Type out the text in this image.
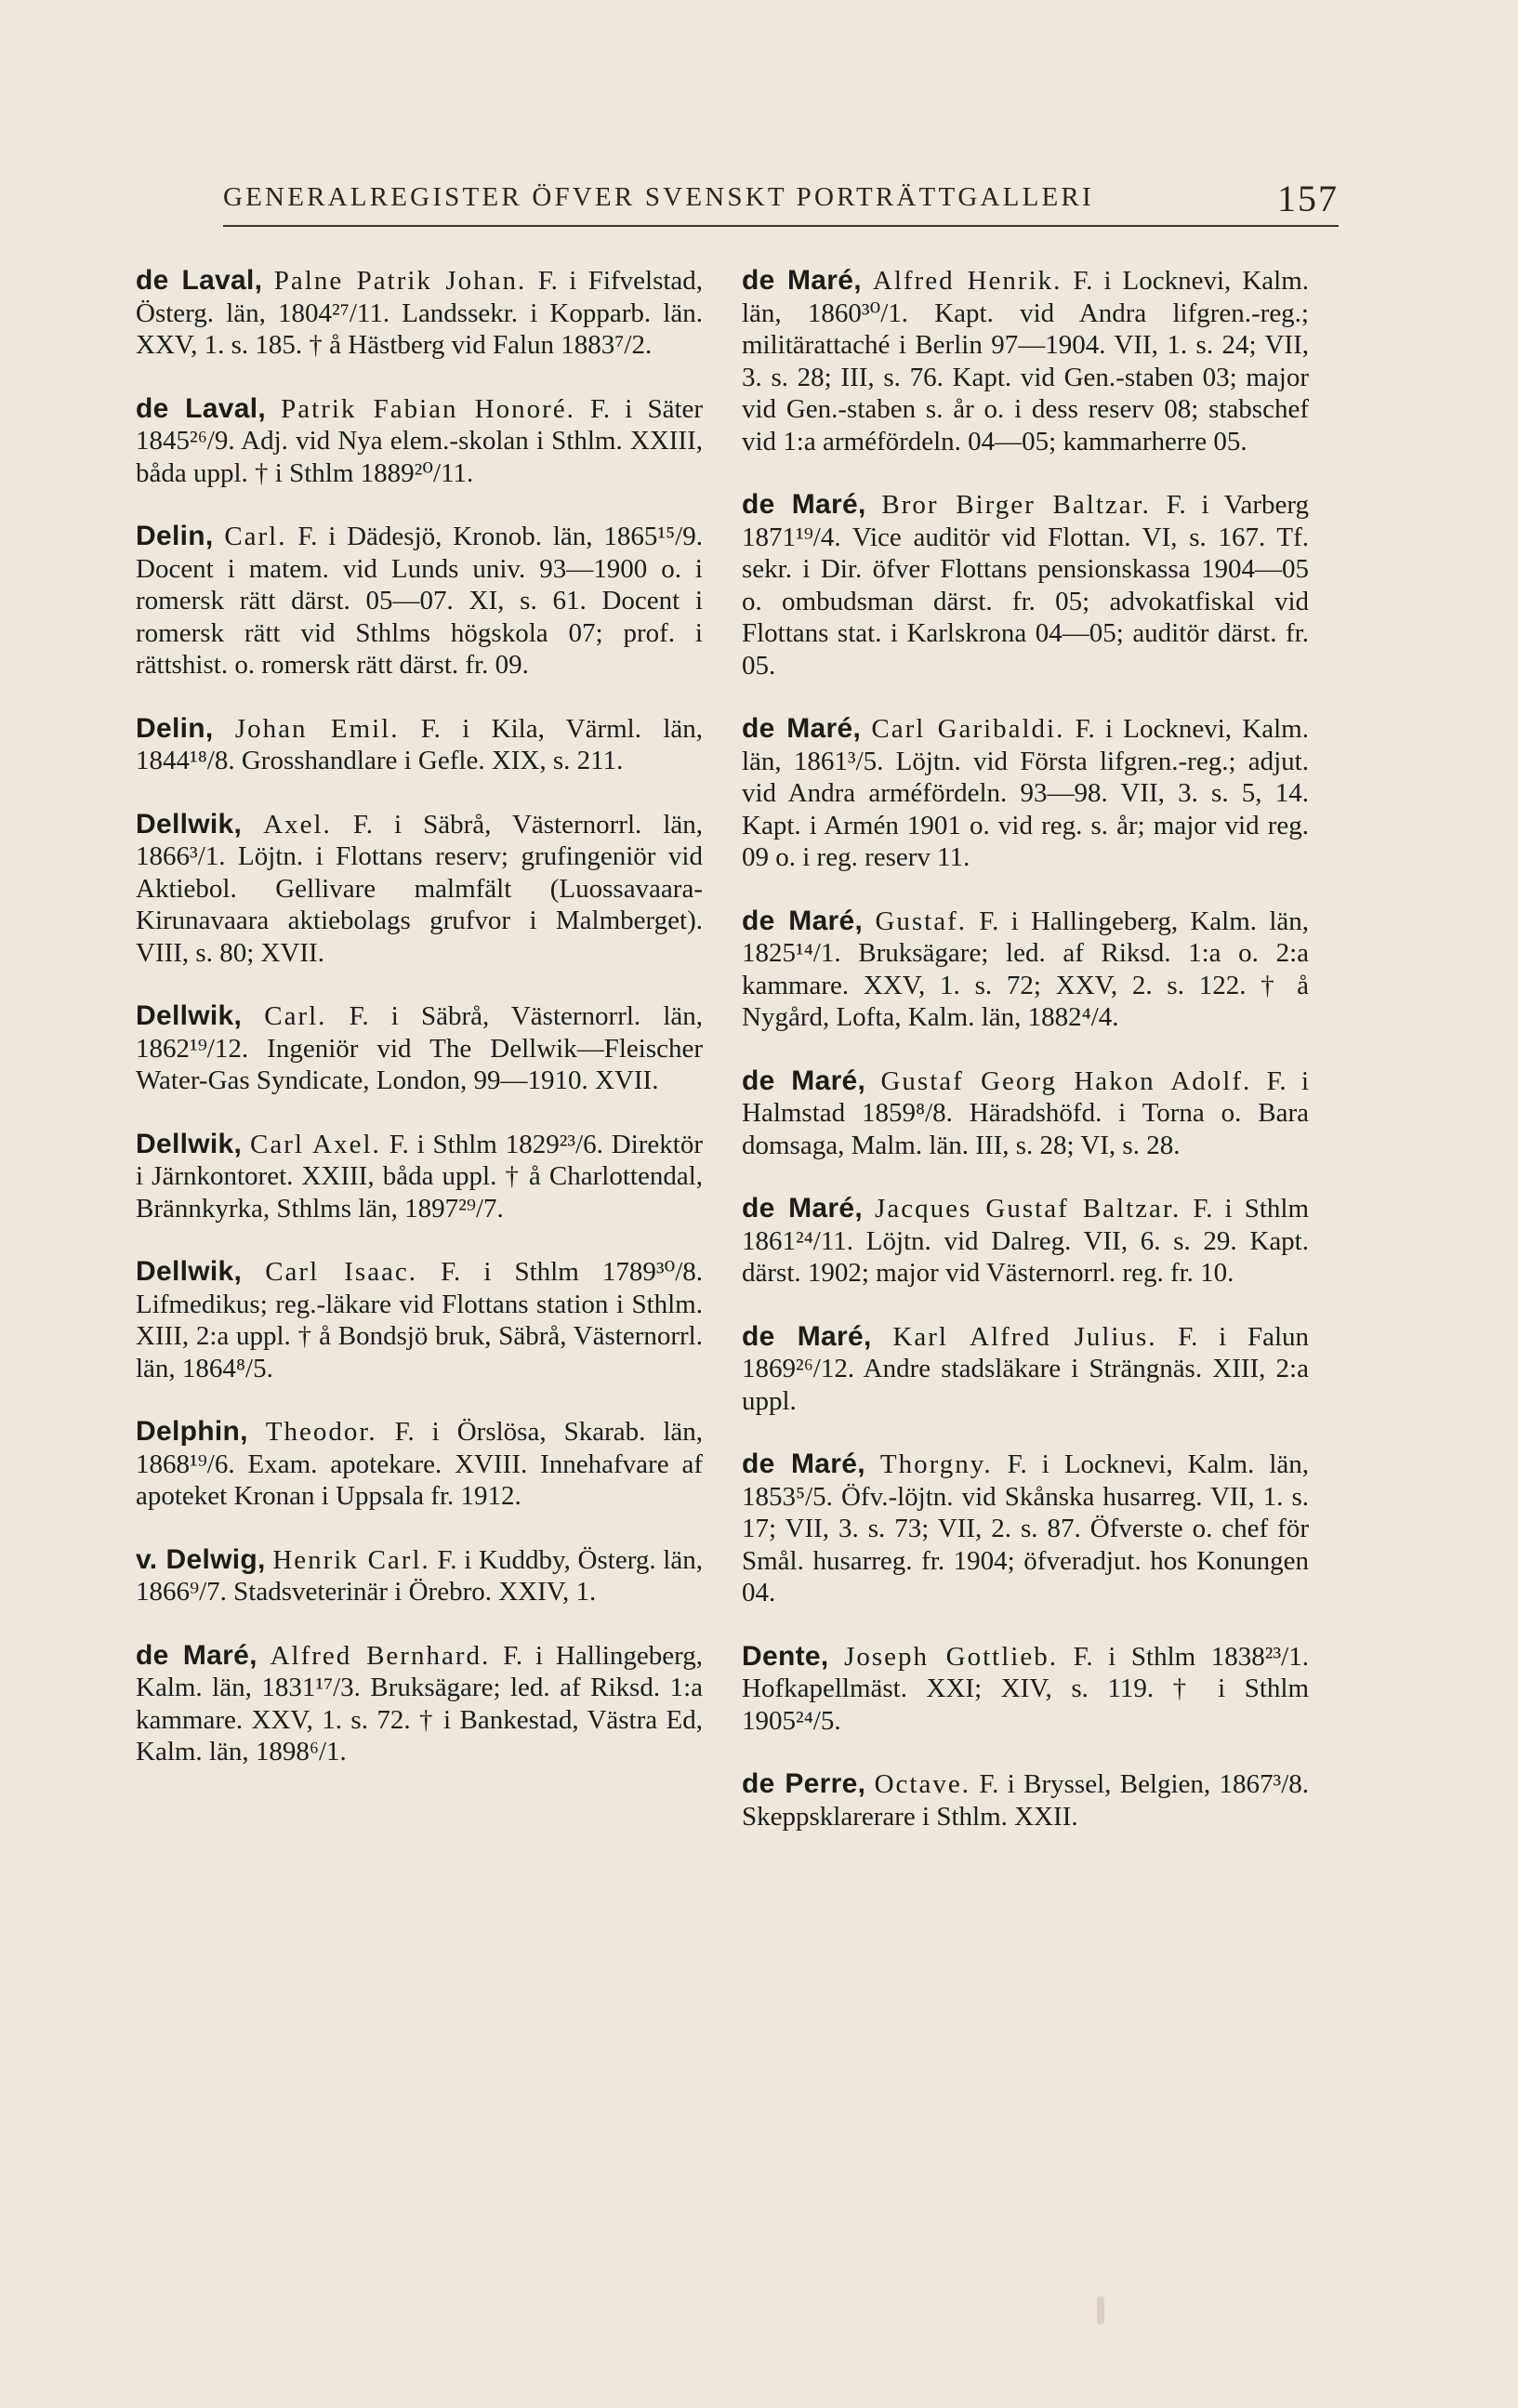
GENERALREGISTER ÖFVER SVENSKT PORTRÄTTGALLERI	157

de Laval, Palne Patrik Johan. F. i Fifvelstad, Österg. län, 1804²⁷/11. Landssekr. i Kopparb. län. XXV, 1. s. 185. † å Hästberg vid Falun 1883⁷/2.

de Laval, Patrik Fabian Honoré. F. i Säter 1845²⁶/9. Adj. vid Nya elem.-skolan i Sthlm. XXIII, båda uppl. † i Sthlm 1889²⁰/11.

Delin, Carl. F. i Dädesjö, Kronob. län, 1865¹⁵/9. Docent i matem. vid Lunds univ. 93—1900 o. i romersk rätt därst. 05—07. XI, s. 61. Docent i romersk rätt vid Sthlms högskola 07; prof. i rättshist. o. romersk rätt därst. fr. 09.

Delin, Johan Emil. F. i Kila, Värml. län, 1844¹⁸/8. Grosshandlare i Gefle. XIX, s. 211.

Dellwik, Axel. F. i Säbrå, Västernorrl. län, 1866³/1. Löjtn. i Flottans reserv; grufingeniör vid Aktiebol. Gellivare malmfält (Luossavaara-Kirunavaara aktiebolags grufvor i Malmberget). VIII, s. 80; XVII.

Dellwik, Carl. F. i Säbrå, Västernorrl. län, 1862¹⁹/12. Ingeniör vid The Dellwik—Fleischer Water-Gas Syndicate, London, 99—1910. XVII.

Dellwik, Carl Axel. F. i Sthlm 1829²³/6. Direktör i Järnkontoret. XXIII, båda uppl. † å Charlottendal, Brännkyrka, Sthlms län, 1897²⁹/7.

Dellwik, Carl Isaac. F. i Sthlm 1789³⁰/8. Lifmedikus; reg.-läkare vid Flottans station i Sthlm. XIII, 2:a uppl. † å Bondsjö bruk, Säbrå, Västernorrl. län, 1864⁸/5.

Delphin, Theodor. F. i Örslösa, Skarab. län, 1868¹⁹/6. Exam. apotekare. XVIII. Innehafvare af apoteket Kronan i Uppsala fr. 1912.

v. Delwig, Henrik Carl. F. i Kuddby, Österg. län, 1866⁹/7. Stadsveterinär i Örebro. XXIV, 1.

de Maré, Alfred Bernhard. F. i Hallingeberg, Kalm. län, 1831¹⁷/3. Bruksägare; led. af Riksd. 1:a kammare. XXV, 1. s. 72. † i Bankestad, Västra Ed, Kalm. län, 1898⁶/1.

de Maré, Alfred Henrik. F. i Locknevi, Kalm. län, 1860³⁰/1. Kapt. vid Andra lifgren.-reg.; militärattaché i Berlin 97—1904. VII, 1. s. 24; VII, 3. s. 28; III, s. 76. Kapt. vid Gen.-staben 03; major vid Gen.-staben s. år o. i dess reserv 08; stabschef vid 1:a arméfördeln. 04—05; kammarherre 05.

de Maré, Bror Birger Baltzar. F. i Varberg 1871¹⁹/4. Vice auditör vid Flottan. VI, s. 167. Tf. sekr. i Dir. öfver Flottans pensionskassa 1904—05 o. ombudsman därst. fr. 05; advokatfiskal vid Flottans stat. i Karlskrona 04—05; auditör därst. fr. 05.

de Maré, Carl Garibaldi. F. i Locknevi, Kalm. län, 1861³/5. Löjtn. vid Första lifgren.-reg.; adjut. vid Andra arméfördeln. 93—98. VII, 3. s. 5, 14. Kapt. i Armén 1901 o. vid reg. s. år; major vid reg. 09 o. i reg. reserv 11.

de Maré, Gustaf. F. i Hallingeberg, Kalm. län, 1825¹⁴/1. Bruksägare; led. af Riksd. 1:a o. 2:a kammare. XXV, 1. s. 72; XXV, 2. s. 122. † å Nygård, Lofta, Kalm. län, 1882⁴/4.

de Maré, Gustaf Georg Hakon Adolf. F. i Halmstad 1859⁸/8. Häradshöfd. i Torna o. Bara domsaga, Malm. län. III, s. 28; VI, s. 28.

de Maré, Jacques Gustaf Baltzar. F. i Sthlm 1861²⁴/11. Löjtn. vid Dalreg. VII, 6. s. 29. Kapt. därst. 1902; major vid Västernorrl. reg. fr. 10.

de Maré, Karl Alfred Julius. F. i Falun 1869²⁶/12. Andre stadsläkare i Strängnäs. XIII, 2:a uppl.

de Maré, Thorgny. F. i Locknevi, Kalm. län, 1853⁵/5. Öfv.-löjtn. vid Skånska husarreg. VII, 1. s. 17; VII, 3. s. 73; VII, 2. s. 87. Öfverste o. chef för Smål. husarreg. fr. 1904; öfveradjut. hos Konungen 04.

Dente, Joseph Gottlieb. F. i Sthlm 1838²³/1. Hofkapellmäst. XXI; XIV, s. 119. † i Sthlm 1905²⁴/5.

de Perre, Octave. F. i Bryssel, Belgien, 1867³/8. Skeppsklarerare i Sthlm. XXII.
